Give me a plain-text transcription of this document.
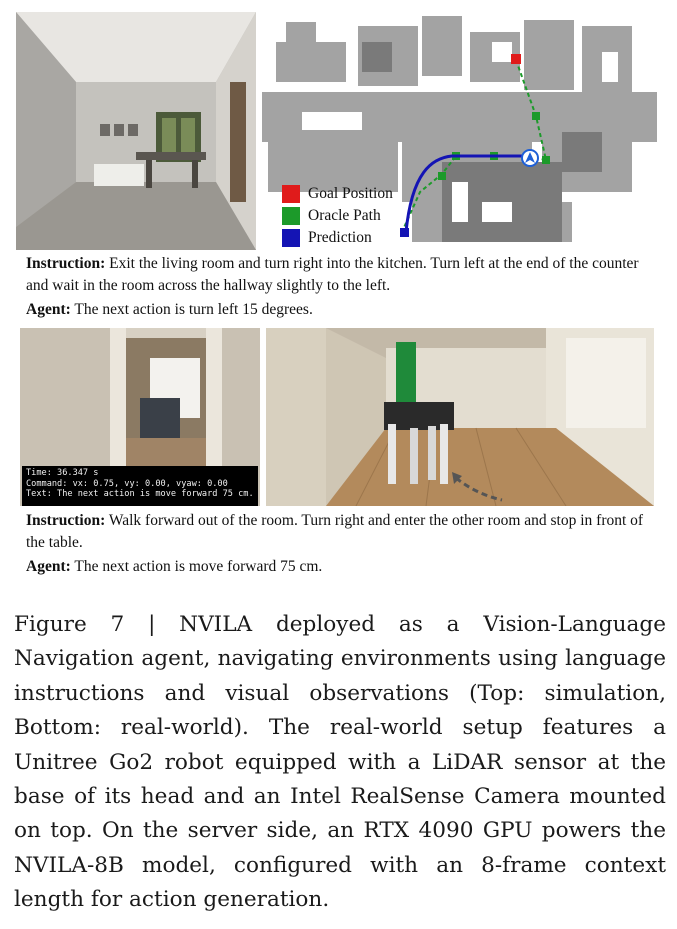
Goal Position
Oracle Path
Prediction
Instruction: Exit the living room and turn right into the kitchen. Turn left at the end of the counter and wait in the room across the hallway slightly to the left.
Agent: The next action is turn left 15 degrees.
Time: 36.347 s
Command: vx: 0.75, vy: 0.00, vyaw: 0.00
Text: The next action is move forward 75 cm.
Instruction: Walk forward out of the room. Turn right and enter the other room and stop in front of the table.
Agent: The next action is move forward 75 cm.
Figure 7 | NVILA deployed as a Vision-Language Navigation agent, navigating environments using language instructions and visual observations (Top: simulation, Bottom: real-world). The real-world setup features a Unitree Go2 robot equipped with a LiDAR sensor at the base of its head and an Intel RealSense Camera mounted on top. On the server side, an RTX 4090 GPU powers the NVILA-8B model, configured with an 8-frame context length for action generation.
